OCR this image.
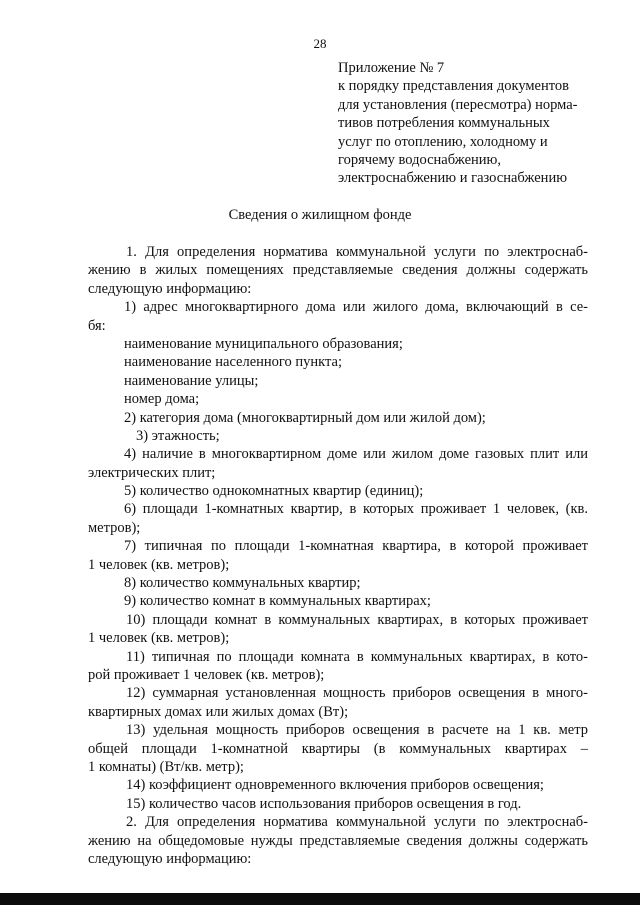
28
Приложение № 7
к порядку представления документов
для установления (пересмотра) норма-
тивов потребления коммунальных
услуг по отоплению, холодному и
горячему водоснабжению,
электроснабжению и газоснабжению
Сведения о жилищном фонде
1. Для определения норматива коммунальной услуги по электроснаб-
жению в жилых помещениях представляемые сведения должны содержать
следующую информацию:
1) адрес многоквартирного дома или жилого дома, включающий в се-
бя:
наименование муниципального образования;
наименование населенного пункта;
наименование улицы;
номер дома;
2) категория дома (многоквартирный дом или жилой дом);
3) этажность;
4) наличие в многоквартирном доме или жилом доме газовых плит или
электрических плит;
5) количество однокомнатных квартир (единиц);
6) площади 1-комнатных квартир, в которых проживает 1 человек, (кв.
метров);
7) типичная по площади 1-комнатная квартира, в которой проживает
1 человек (кв. метров);
8) количество коммунальных квартир;
9) количество комнат в коммунальных квартирах;
10) площади комнат в коммунальных квартирах, в которых проживает
1 человек (кв. метров);
11) типичная по площади комната в коммунальных квартирах, в кото-
рой проживает 1 человек (кв. метров);
12) суммарная установленная мощность приборов освещения в много-
квартирных домах или жилых домах (Вт);
13) удельная мощность приборов освещения в расчете на 1 кв. метр
общей площади 1-комнатной квартиры (в коммунальных квартирах –
1 комнаты) (Вт/кв. метр);
14) коэффициент одновременного включения приборов освещения;
15) количество часов использования приборов освещения в год.
2. Для определения норматива коммунальной услуги по электроснаб-
жению на общедомовые нужды представляемые сведения должны содержать
следующую информацию:
